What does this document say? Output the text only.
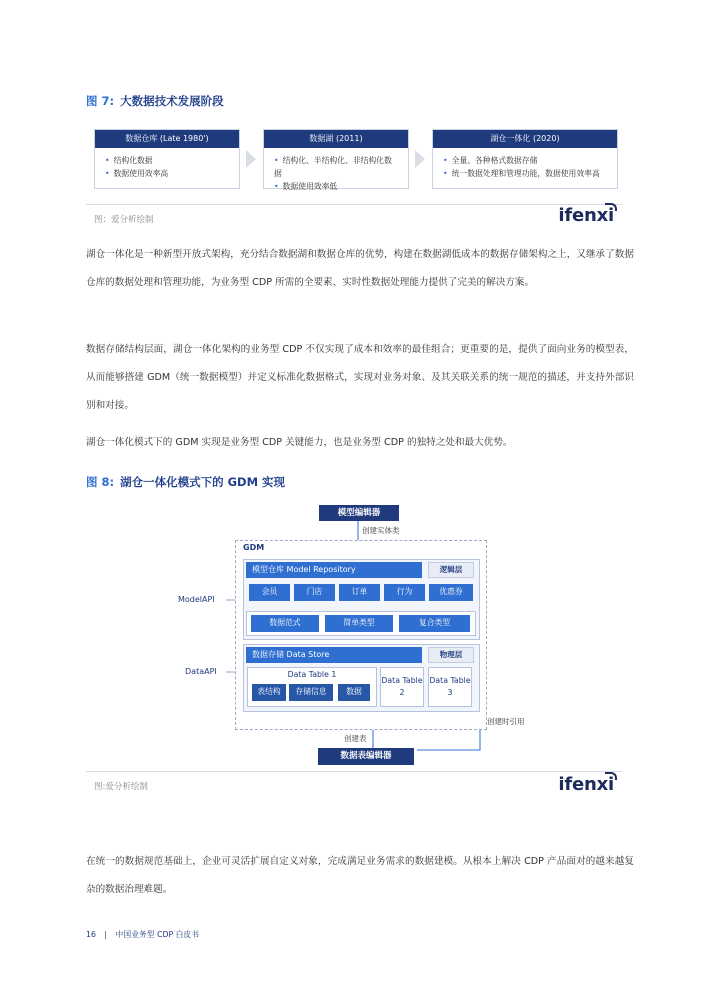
图 7: 大数据技术发展阶段
数据仓库 (Late 1980')
• 结构化数据
• 数据使用效率高
数据湖 (2011)
• 结构化、半结构化、非结构化数据
• 数据使用效率低
湖仓一体化 (2020)
• 全量、各种格式数据存储
• 统一数据处理和管理功能，数据使用效率高
图：爱分析绘制	ifenxi
湖仓一体化是一种新型开放式架构，充分结合数据湖和数据仓库的优势，构建在数据湖低成本的数据存储架构之上，又继承了数据仓库的数据处理和管理功能，为业务型 CDP 所需的全要素、实时性数据处理能力提供了完美的解决方案。
数据存储结构层面，湖仓一体化架构的业务型 CDP 不仅实现了成本和效率的最佳组合；更重要的是，提供了面向业务的模型表，从而能够搭建 GDM（统一数据模型）并定义标准化数据格式，实现对业务对象、及其关联关系的统一规范的描述，并支持外部识别和对接。
湖仓一体化模式下的 GDM 实现是业务型 CDP 关键能力，也是业务型 CDP 的独特之处和最大优势。
图 8: 湖仓一体化模式下的 GDM 实现
模型编辑器
创建实体类
GDM
模型仓库 Model Repository	逻辑层
会员	门店	订单	行为	优惠券
数据范式	简单类型	复合类型
数据存储 Data Store	物理层
Data Table 1
表结构	存储信息	数据
Data Table 2
Data Table 3
ModelAPI
DataAPI
创建时引用
创建表
数据表编辑器
图:爱分析绘制	ifenxi
在统一的数据规范基础上，企业可灵活扩展自定义对象，完成满足业务需求的数据建模。从根本上解决 CDP 产品面对的越来越复杂的数据治理难题。
16 | 中国业务型 CDP 白皮书
